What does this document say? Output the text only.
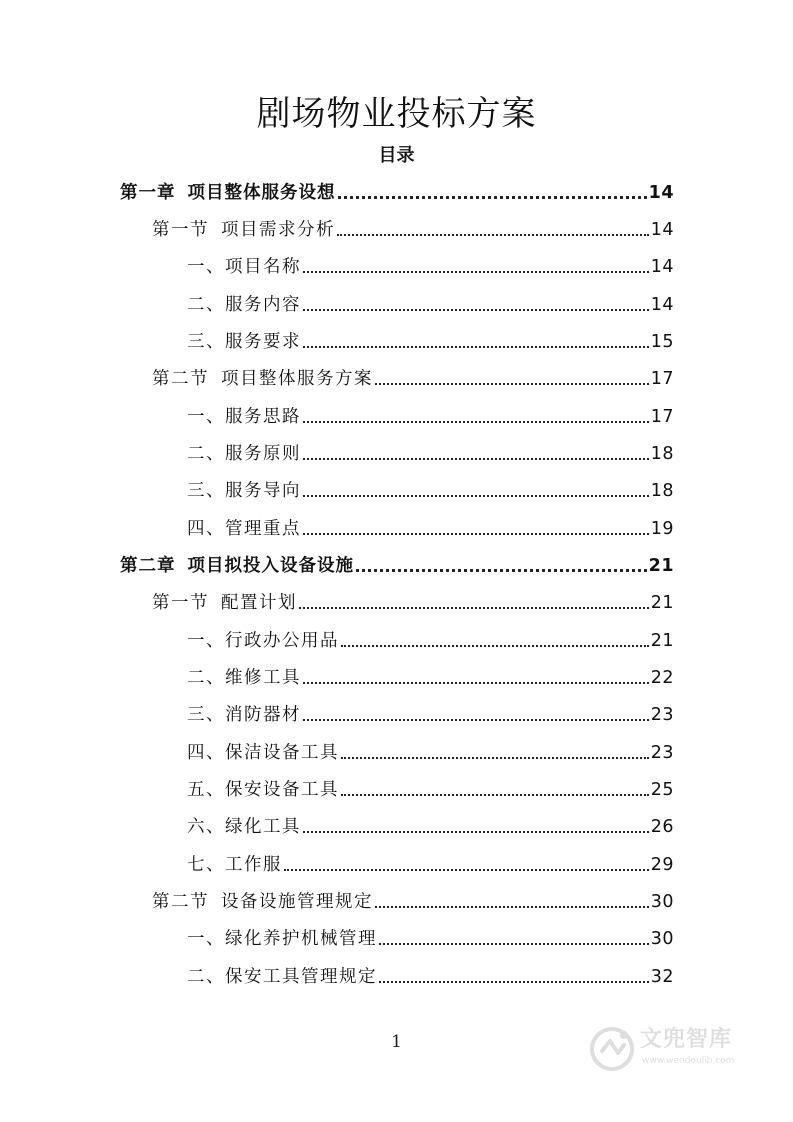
剧场物业投标方案
目录
第一章 项目整体服务设想	14
第一节 项目需求分析	14
一、项目名称	14
二、服务内容	14
三、服务要求	15
第二节 项目整体服务方案	17
一、服务思路	17
二、服务原则	18
三、服务导向	18
四、管理重点	19
第二章 项目拟投入设备设施	21
第一节 配置计划	21
一、行政办公用品	21
二、维修工具	22
三、消防器材	23
四、保洁设备工具	23
五、保安设备工具	25
六、绿化工具	26
七、工作服	29
第二节 设备设施管理规定	30
一、绿化养护机械管理	30
二、保安工具管理规定	32
1	文兜智库
www.wendoulib.com
